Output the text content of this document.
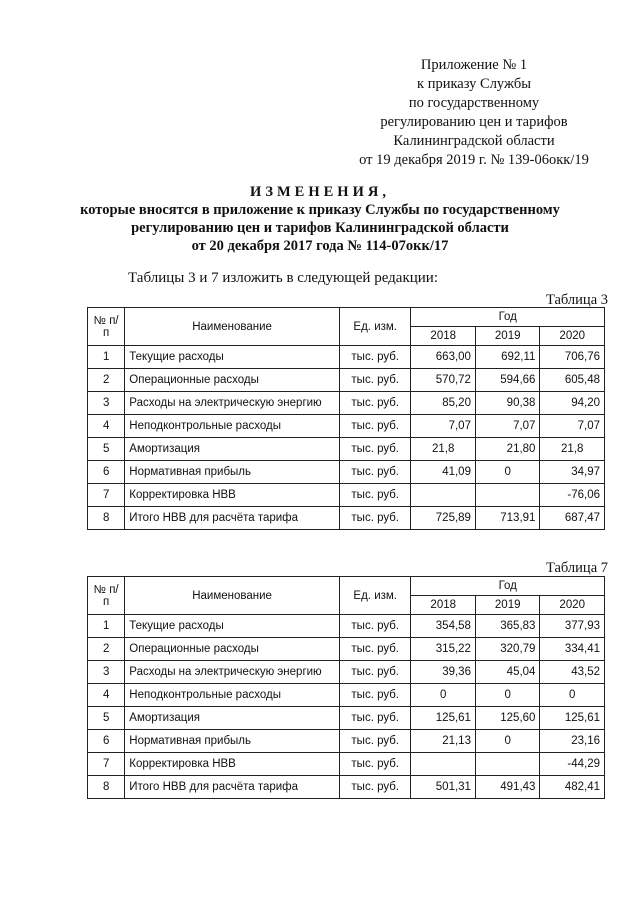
Приложение № 1
к приказу Службы
по государственному
регулированию цен и тарифов
Калининградской области
от 19 декабря 2019 г. № 139-06окк/19
ИЗМЕНЕНИЯ,
которые вносятся в приложение к приказу Службы по государственному
регулированию цен и тарифов Калининградской области
от 20 декабря 2017 года № 114-07окк/17
Таблицы 3 и 7 изложить в следующей редакции:
Таблица 3
№ п/п	Наименование	Ед. изм.	Год		
			2018	2019	2020
1	Текущие расходы	тыс. руб.	663,00	692,11	706,76
2	Операционные расходы	тыс. руб.	570,72	594,66	605,48
3	Расходы на электрическую энергию	тыс. руб.	85,20	90,38	94,20
4	Неподконтрольные расходы	тыс. руб.	7,07	7,07	7,07
5	Амортизация	тыс. руб.	21,8	21,80	21,8
6	Нормативная прибыль	тыс. руб.	41,09	0	34,97
7	Корректировка НВВ	тыс. руб.			-76,06
8	Итого НВВ для расчёта тарифа	тыс. руб.	725,89	713,91	687,47
Таблица 7
№ п/п	Наименование	Ед. изм.	Год		
			2018	2019	2020
1	Текущие расходы	тыс. руб.	354,58	365,83	377,93
2	Операционные расходы	тыс. руб.	315,22	320,79	334,41
3	Расходы на электрическую энергию	тыс. руб.	39,36	45,04	43,52
4	Неподконтрольные расходы	тыс. руб.	0	0	0
5	Амортизация	тыс. руб.	125,61	125,60	125,61
6	Нормативная прибыль	тыс. руб.	21,13	0	23,16
7	Корректировка НВВ	тыс. руб.			-44,29
8	Итого НВВ для расчёта тарифа	тыс. руб.	501,31	491,43	482,41
